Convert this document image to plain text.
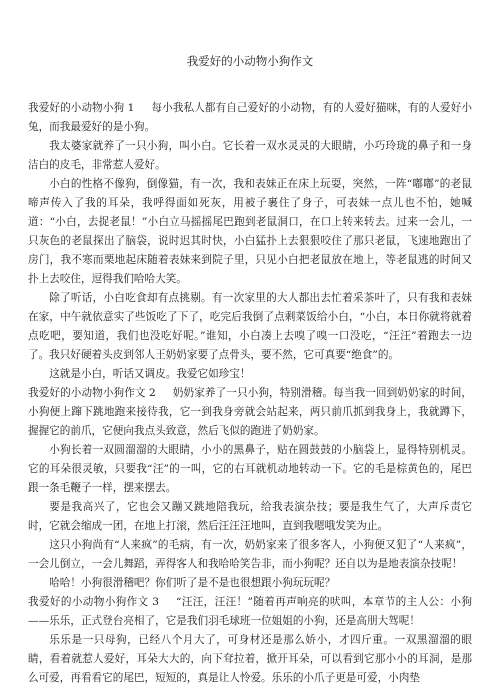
我爱好的小动物小狗作文

我爱好的小动物小狗 1 每小我私人都有自己爱好的小动物，有的人爱好猫咪，有的人爱好小兔，而我最爱好的是小狗。

我太婆家就养了一只小狗，叫小白。它长着一双水灵灵的大眼睛，小巧玲珑的鼻子和一身洁白的皮毛，非常惹人爱好。

小白的性格不像狗，倒像猫，有一次，我和表妹正在床上玩耍，突然，一阵“嘟嘟”的老鼠啼声传入了我的耳朵，我呼得面如死灰，用被子裹住了身子，可表妹一点儿也不怕，她喊道：“小白，去捉老鼠！”小白立马摇摇尾巴跑到老鼠洞口，在口上转来转去。过来一会儿，一只灰色的老鼠探出了脑袋，说时迟其时快，小白猛扑上去狠狠咬住了那只老鼠，飞速地跑出了房门，我不寒而栗地起床随着表妹来到院子里，只见小白把老鼠放在地上，等老鼠逃的时间又扑上去咬住，逗得我们哈哈大笑。

除了听话，小白吃食却有点挑剔。有一次家里的大人都出去忙着采茶叶了，只有我和表妹在家，中午就依意实了些饭吃了下了，吃完后我倒了点剩菜饭给小白，“小白，本日你就将就着点吃吧，要知道，我们也没吃好呢。”谁知，小白凑上去嗅了嗅一口没吃，“汪汪”着跑去一边了。我只好硬着头皮到邻人王奶奶家要了点骨头，要不然，它可真要“绝食”的。

这就是小白，听话又调皮。我爱它如珍宝！

我爱好的小动物小狗作文 2 奶奶家养了一只小狗，特别滑稽。每当我一回到奶奶家的时间，小狗便上蹿下跳地跑来接待我，它一到我身旁就会站起来，两只前爪抓到我身上，我就蹲下，握握它的前爪，它便向我点头致意，然后飞似的跑进了奶奶家。

小狗长着一双圆溜溜的大眼睛，小小的黑鼻子，贴在圆鼓鼓的小脑袋上，显得特别机灵。它的耳朵很灵敏，只要我“汪”的一叫，它的右耳就机动地转动一下。它的毛是棕黄色的，尾巴跟一条毛鞭子一样，摆来摆去。

要是我高兴了，它也会又蹦又跳地陪我玩，给我表演杂技；要是我生气了，大声斥责它时，它就会缩成一团，在地上打滚，然后汪汪汪地叫，直到我嗯哦发笑为止。

这只小狗尚有“人来疯”的毛病，有一次，奶奶家来了很多客人，小狗便又犯了“人来疯”，一会儿倒立，一会儿舞蹈，弄得客人和我哈哈笑告非，而小狗呢？还自以为是地表演杂技呢！

哈哈！小狗很滑稽吧？你们听了是不是也很想跟小狗玩玩呢？

我爱好的小动物小狗作文 3 “汪汪，汪汪！”随着再声响亮的吠叫，本章节的主人公：小狗——乐乐，正式登台亮相了，它是我们羽毛球班一位姐姐的小狗，还是高朋大驾呢！

乐乐是一只母狗，已经八个月大了，可身材还是那么娇小，才四斤重。一双黑溜溜的眼睛，看着就惹人爱好，耳朵大大的，向下耷拉着，掀开耳朵，可以看到它那小小的耳洞，是那么可爱，再看看它的尾巴，短短的，真是让人怜爱。乐乐的小爪子更是可爱，小肉垫
